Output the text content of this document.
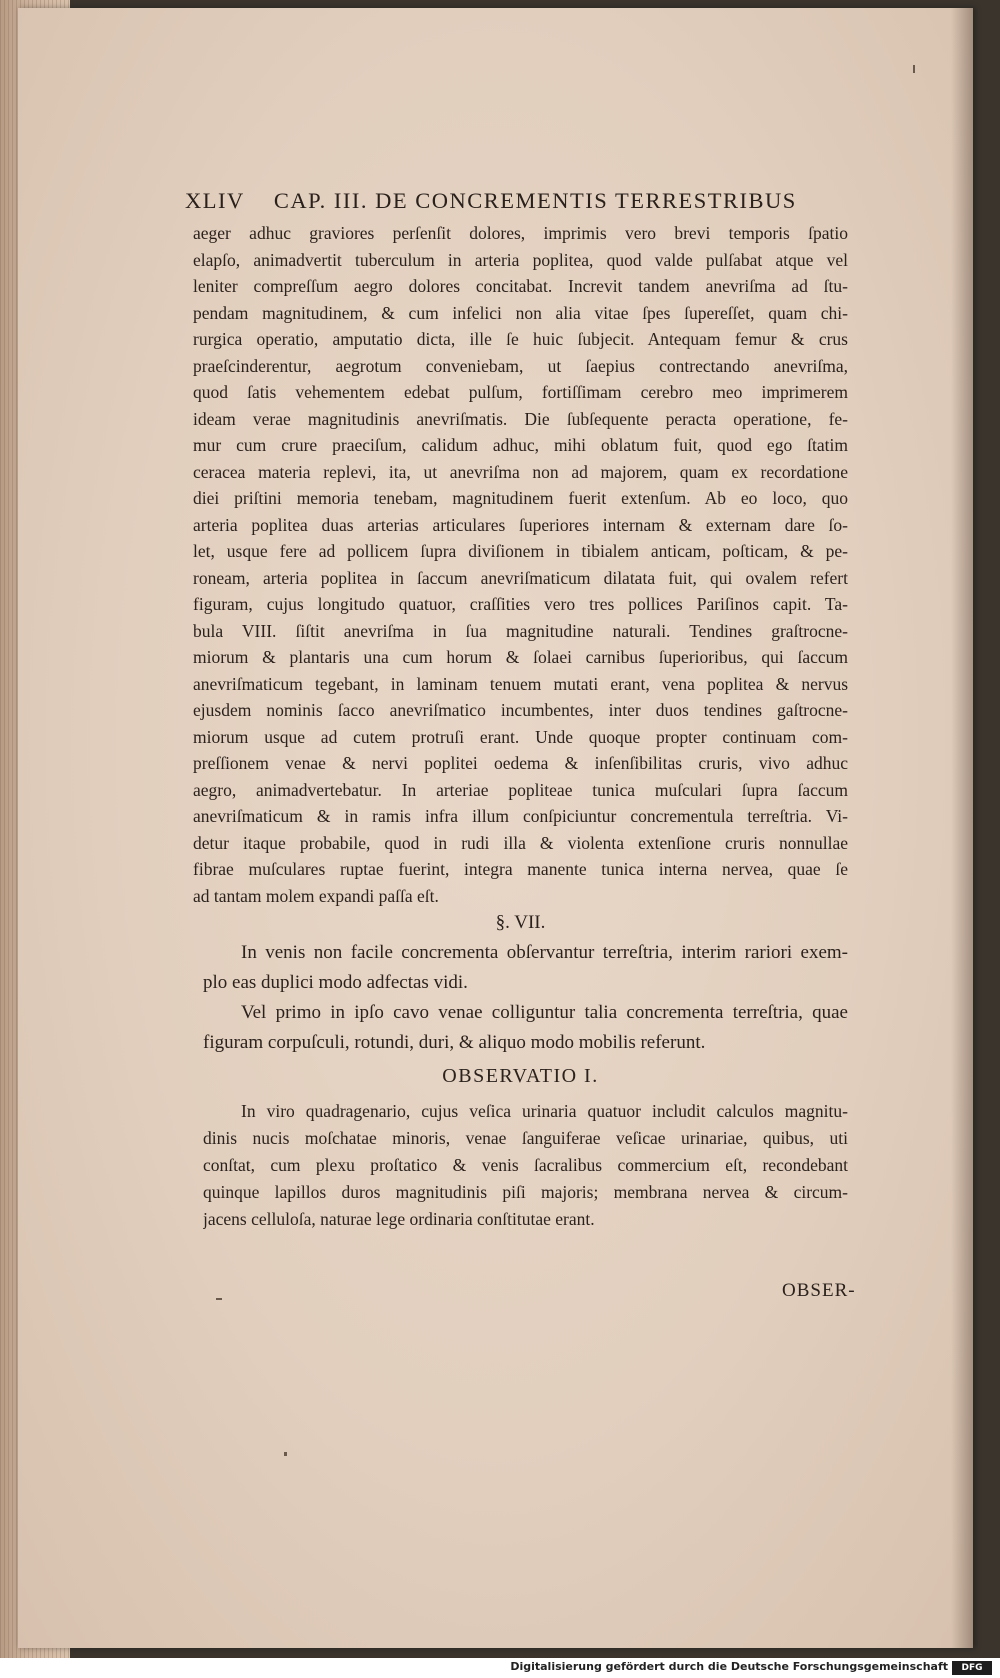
XLIV CAP. III. DE CONCREMENTIS TERRESTRIBUS
aeger adhuc graviores perſenſit dolores, imprimis vero brevi temporis ſpatio
elapſo, animadvertit tuberculum in arteria poplitea, quod valde pulſabat atque vel
leniter compreſſum aegro dolores concitabat. Increvit tandem anevriſma ad ſtu-
pendam magnitudinem, & cum infelici non alia vitae ſpes ſupereſſet, quam chi-
rurgica operatio, amputatio dicta, ille ſe huic ſubjecit. Antequam femur & crus
praeſcinderentur, aegrotum conveniebam, ut ſaepius contrectando anevriſma,
quod ſatis vehementem edebat pulſum, fortiſſimam cerebro meo imprimerem
ideam verae magnitudinis anevriſmatis. Die ſubſequente peracta operatione, fe-
mur cum crure praeciſum, calidum adhuc, mihi oblatum fuit, quod ego ſtatim
ceracea materia replevi, ita, ut anevriſma non ad majorem, quam ex recordatione
diei priſtini memoria tenebam, magnitudinem fuerit extenſum. Ab eo loco, quo
arteria poplitea duas arterias articulares ſuperiores internam & externam dare ſo-
let, usque fere ad pollicem ſupra diviſionem in tibialem anticam, poſticam, & pe-
roneam, arteria poplitea in ſaccum anevriſmaticum dilatata fuit, qui ovalem refert
figuram, cujus longitudo quatuor, craſſities vero tres pollices Pariſinos capit. Ta-
bula VIII. ſiſtit anevriſma in ſua magnitudine naturali. Tendines graſtrocne-
miorum & plantaris una cum horum & ſolaei carnibus ſuperioribus, qui ſaccum
anevriſmaticum tegebant, in laminam tenuem mutati erant, vena poplitea & nervus
ejusdem nominis ſacco anevriſmatico incumbentes, inter duos tendines gaſtrocne-
miorum usque ad cutem protruſi erant. Unde quoque propter continuam com-
preſſionem venae & nervi poplitei oedema & inſenſibilitas cruris, vivo adhuc
aegro, animadvertebatur. In arteriae popliteae tunica muſculari ſupra ſaccum
anevriſmaticum & in ramis infra illum conſpiciuntur concrementula terreſtria. Vi-
detur itaque probabile, quod in rudi illa & violenta extenſione cruris nonnullae
fibrae muſculares ruptae fuerint, integra manente tunica interna nervea, quae ſe
ad tantam molem expandi paſſa eſt.
§. VII.
In venis non facile concrementa obſervantur terreſtria, interim rariori exem-
plo eas duplici modo adfectas vidi.
Vel primo in ipſo cavo venae colliguntur talia concrementa terreſtria, quae
figuram corpuſculi, rotundi, duri, & aliquo modo mobilis referunt.
OBSERVATIO I.
In viro quadragenario, cujus veſica urinaria quatuor includit calculos magnitu-
dinis nucis moſchatae minoris, venae ſanguiferae veſicae urinariae, quibus, uti
conſtat, cum plexu proſtatico & venis ſacralibus commercium eſt, recondebant
quinque lapillos duros magnitudinis piſi majoris; membrana nervea & circum-
jacens celluloſa, naturae lege ordinaria conſtitutae erant.
OBSER-
Digitalisierung gefördert durch die Deutsche Forschungsgemeinschaft	DFG
